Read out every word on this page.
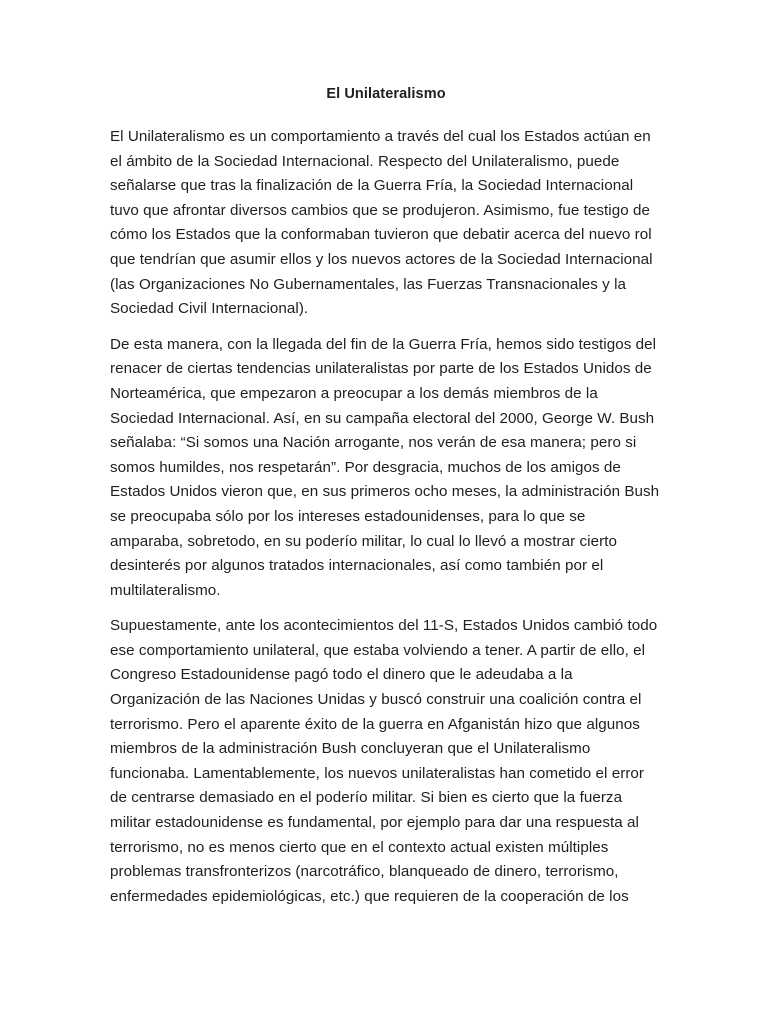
El Unilateralismo

El Unilateralismo es un comportamiento a través del cual los Estados actúan en el ámbito de la Sociedad Internacional. Respecto del Unilateralismo, puede señalarse que tras la finalización de la Guerra Fría, la Sociedad Internacional tuvo que afrontar diversos cambios que se produjeron. Asimismo, fue testigo de cómo los Estados que la conformaban tuvieron que debatir acerca del nuevo rol que tendrían que asumir ellos y los nuevos actores de la Sociedad Internacional (las Organizaciones No Gubernamentales, las Fuerzas Transnacionales y la Sociedad Civil Internacional).

De esta manera, con la llegada del fin de la Guerra Fría, hemos sido testigos del renacer de ciertas tendencias unilateralistas por parte de los Estados Unidos de Norteamérica, que empezaron a preocupar a los demás miembros de la Sociedad Internacional. Así, en su campaña electoral del 2000, George W. Bush señalaba: “Si somos una Nación arrogante, nos verán de esa manera; pero si somos humildes, nos respetarán”. Por desgracia, muchos de los amigos de Estados Unidos vieron que, en sus primeros ocho meses, la administración Bush se preocupaba sólo por los intereses estadounidenses, para lo que se amparaba, sobretodo, en su poderío militar, lo cual lo llevó a mostrar cierto desinterés por algunos tratados internacionales, así como también por el multilateralismo.

Supuestamente, ante los acontecimientos del 11-S, Estados Unidos cambió todo ese comportamiento unilateral, que estaba volviendo a tener. A partir de ello, el Congreso Estadounidense pagó todo el dinero que le adeudaba a la Organización de las Naciones Unidas y buscó construir una coalición contra el terrorismo. Pero el aparente éxito de la guerra en Afganistán hizo que algunos miembros de la administración Bush concluyeran que el Unilateralismo funcionaba. Lamentablemente, los nuevos unilateralistas han cometido el error de centrarse demasiado en el poderío militar. Si bien es cierto que la fuerza militar estadounidense es fundamental, por ejemplo para dar una respuesta al terrorismo, no es menos cierto que en el contexto actual existen múltiples problemas transfronterizos (narcotráfico, blanqueado de dinero, terrorismo, enfermedades epidemiológicas, etc.) que requieren de la cooperación de los
